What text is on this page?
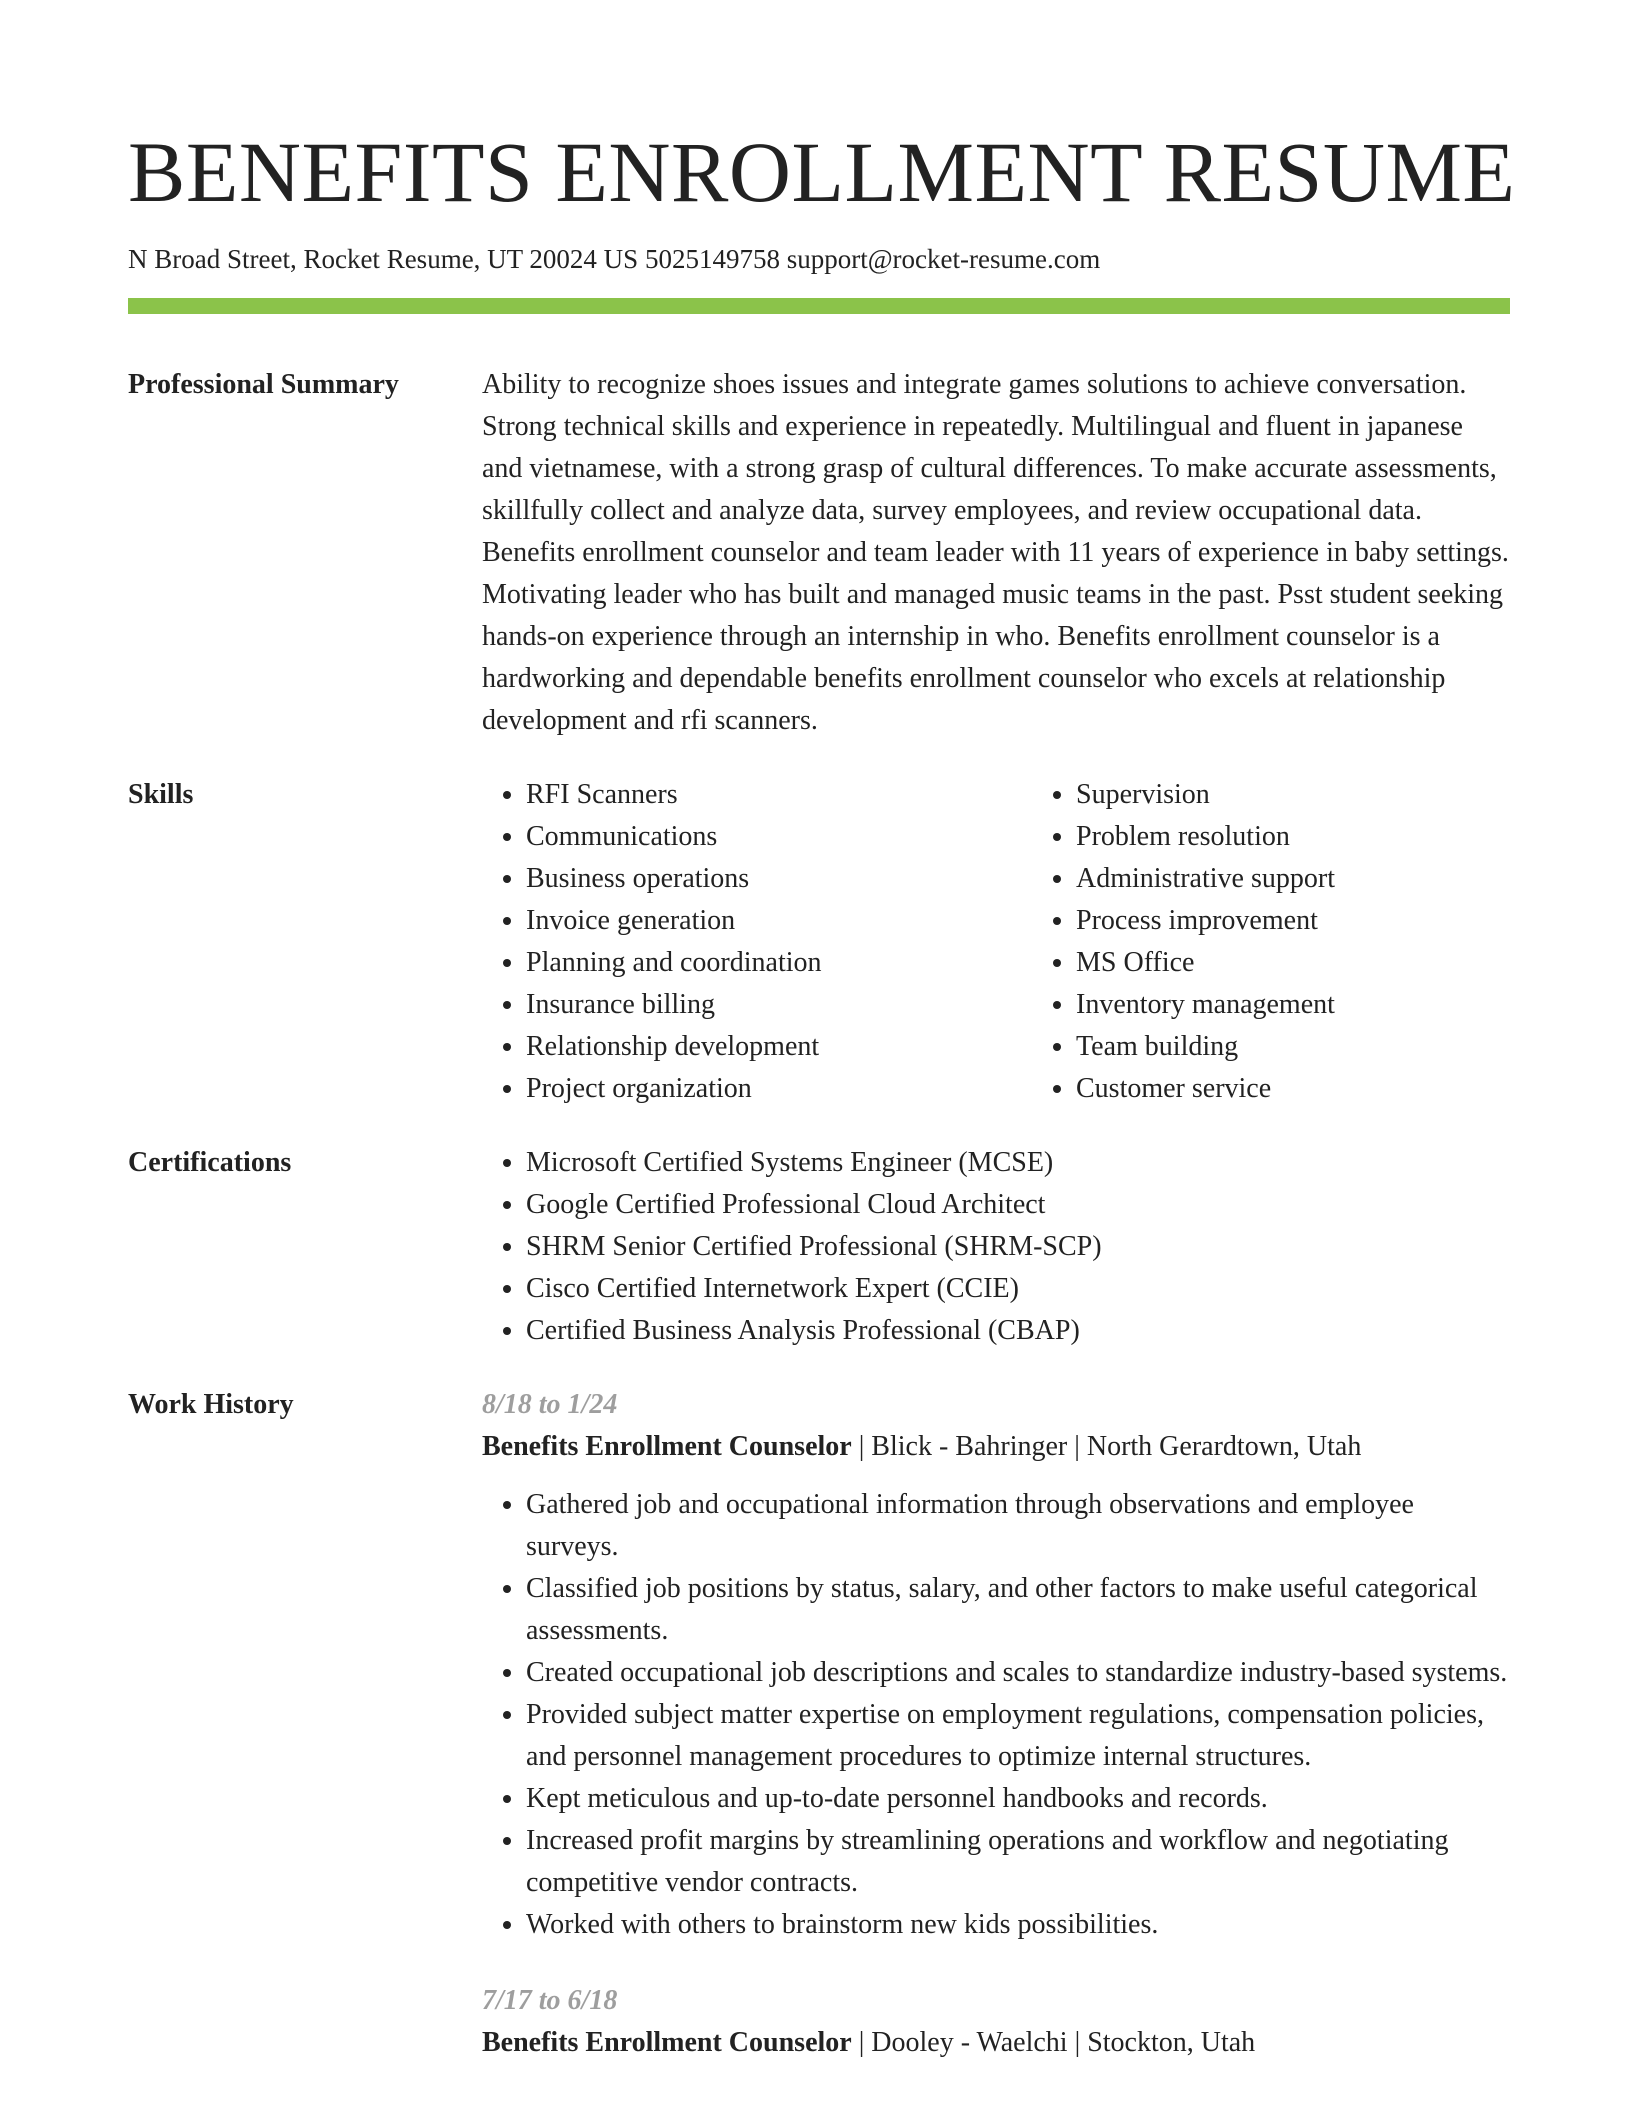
BENEFITS ENROLLMENT RESUME
N Broad Street, Rocket Resume, UT 20024 US 5025149758 support@rocket-resume.com
Professional Summary	Ability to recognize shoes issues and integrate games solutions to achieve conversation. Strong technical skills and experience in repeatedly. Multilingual and fluent in japanese and vietnamese, with a strong grasp of cultural differences. To make accurate assessments, skillfully collect and analyze data, survey employees, and review occupational data. Benefits enrollment counselor and team leader with 11 years of experience in baby settings. Motivating leader who has built and managed music teams in the past. Psst student seeking hands-on experience through an internship in who. Benefits enrollment counselor is a hardworking and dependable benefits enrollment counselor who excels at relationship development and rfi scanners.
Skills	• RFI Scanners
• Communications
• Business operations
• Invoice generation
• Planning and coordination
• Insurance billing
• Relationship development
• Project organization
• Supervision
• Problem resolution
• Administrative support
• Process improvement
• MS Office
• Inventory management
• Team building
• Customer service
Certifications	• Microsoft Certified Systems Engineer (MCSE)
• Google Certified Professional Cloud Architect
• SHRM Senior Certified Professional (SHRM-SCP)
• Cisco Certified Internetwork Expert (CCIE)
• Certified Business Analysis Professional (CBAP)
Work History	8/18 to 1/24
Benefits Enrollment Counselor | Blick - Bahringer | North Gerardtown, Utah
• Gathered job and occupational information through observations and employee surveys.
• Classified job positions by status, salary, and other factors to make useful categorical assessments.
• Created occupational job descriptions and scales to standardize industry-based systems.
• Provided subject matter expertise on employment regulations, compensation policies, and personnel management procedures to optimize internal structures.
• Kept meticulous and up-to-date personnel handbooks and records.
• Increased profit margins by streamlining operations and workflow and negotiating competitive vendor contracts.
• Worked with others to brainstorm new kids possibilities.
7/17 to 6/18
Benefits Enrollment Counselor | Dooley - Waelchi | Stockton, Utah
